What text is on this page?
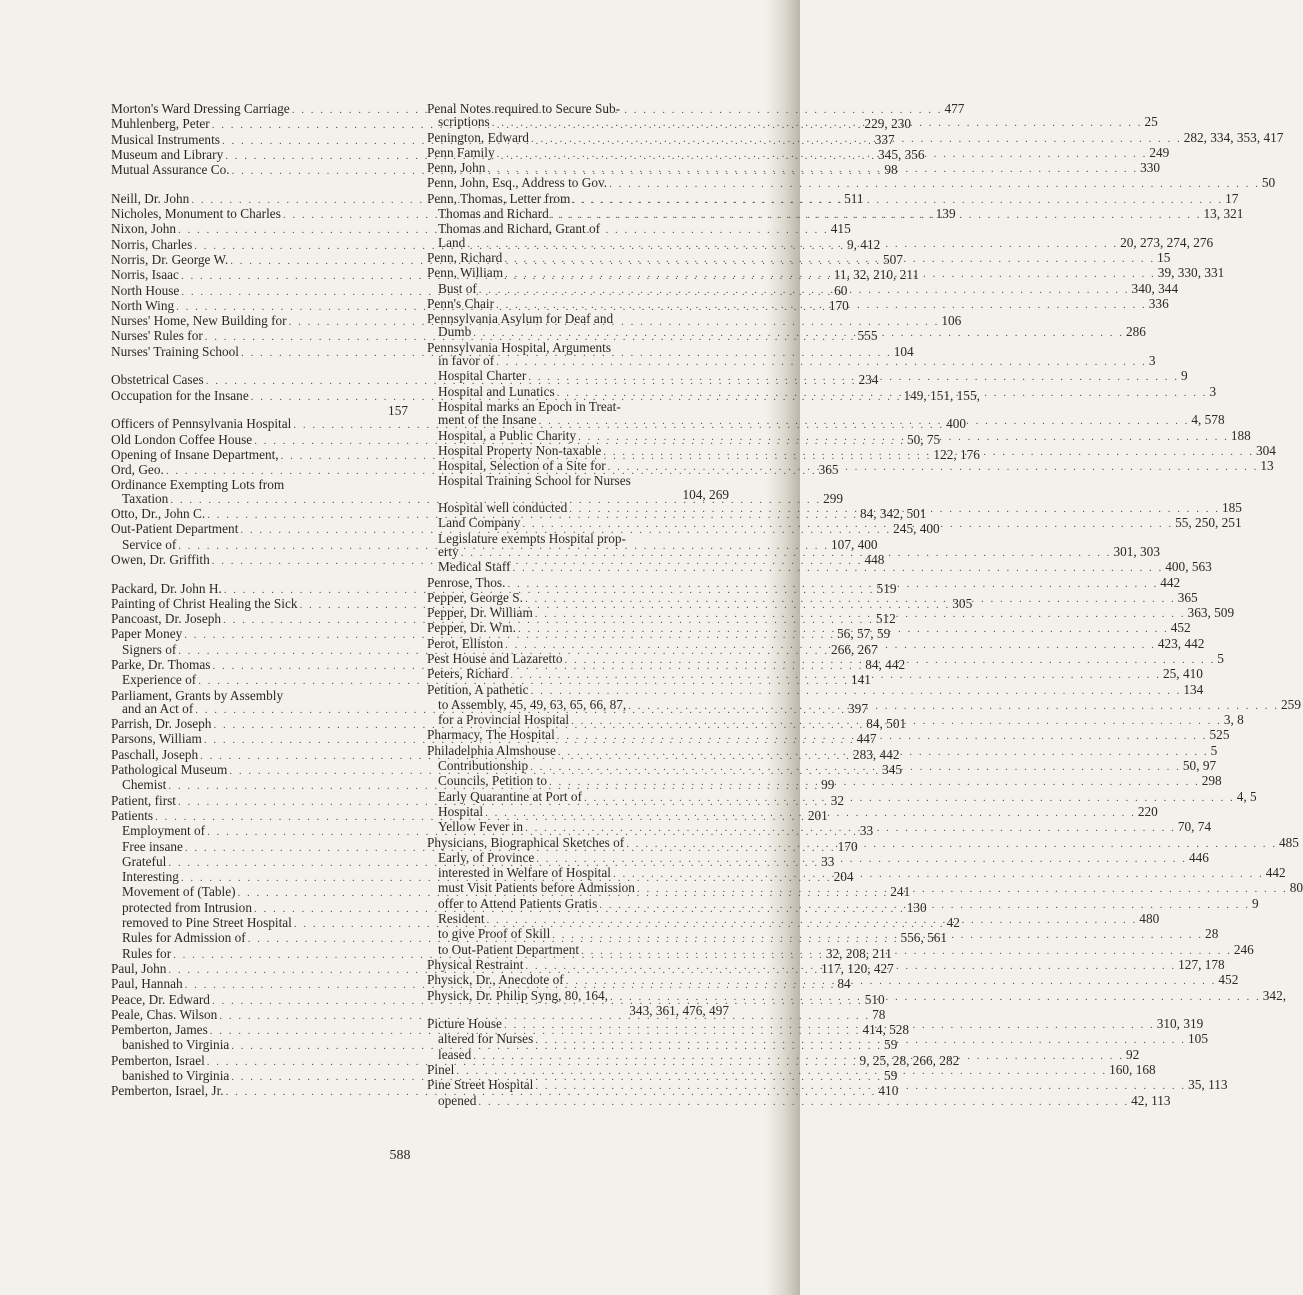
Morton's Ward Dressing Carriage . . .	477
Muhlenberg, Peter . . .	229, 230
Musical Instruments . . .	337
Museum and Library . . .	345, 356
Mutual Assurance Co. . . .	98
Neill, Dr. John . . .	511
Nicholes, Monument to Charles . . .	139
Nixon, John . . .	415
Norris, Charles . . .	9, 412
Norris, Dr. George W. . . .	507
Norris, Isaac . . .	11, 32, 210, 211
North House . . .	60
North Wing . . .	170
Nurses' Home, New Building for . . .	106
Nurses' Rules for . . .	555
Nurses' Training School . . .	104
Obstetrical Cases . . .	234
Occupation for the Insane . . .	149, 151, 155,
157
Officers of Pennsylvania Hospital . . .	400
Old London Coffee House . . .	50, 75
Opening of Insane Department, . . .	122, 176
Ord, Geo. . . .	365
Ordinance Exempting Lots from
Taxation . . .	299
Otto, Dr., John C. . . .	84, 342, 501
Out-Patient Department . . .	245, 400
Service of . . .	107, 400
Owen, Dr. Griffith . . .	448
Packard, Dr. John H. . . .	519
Painting of Christ Healing the Sick . . .	305
Pancoast, Dr. Joseph . . .	512
Paper Money . . .	56, 57, 59
Signers of . . .	266, 267
Parke, Dr. Thomas . . .	84, 442
Experience of . . .	141
Parliament, Grants by Assembly
and an Act of . . .	397
Parrish, Dr. Joseph . . .	84, 501
Parsons, William . . .	447
Paschall, Joseph . . .	283, 442
Pathological Museum . . .	345
Chemist . . .	99
Patient, first . . .	32
Patients . . .	201
Employment of . . .	33
Free insane . . .	170
Grateful . . .	33
Interesting . . .	204
Movement of (Table) . . .	241
protected from Intrusion . . .	130
removed to Pine Street Hospital . . .	42
Rules for Admission of . . .	556, 561
Rules for . . .	32, 208, 211
Paul, John . . .	117, 120, 427
Paul, Hannah . . .	84
Peace, Dr. Edward . . .	510
Peale, Chas. Wilson . . .	78
Pemberton, James . . .	414, 528
banished to Virginia . . .	59
Pemberton, Israel . . .	9, 25, 28, 266, 282
banished to Virginia . . .	59
Pemberton, Israel, Jr. . . .	410
Penal Notes required to Secure Sub-
scriptions . . .	25
Penington, Edward . . .	282, 334, 353, 417
Penn Family . . .	249
Penn, John . . .	330
Penn, John, Esq., Address to Gov. . . .	50
Penn, Thomas, Letter from . . .	17
Thomas and Richard . . .	13, 321
Thomas and Richard, Grant of
Land . . .	20, 273, 274, 276
Penn, Richard . . .	15
Penn, William . . .	39, 330, 331
Bust of . . .	340, 344
Penn's Chair . . .	336
Pennsylvania Asylum for Deaf and
Dumb . . .	286
Pennsylvania Hospital, Arguments
in favor of . . .	3
Hospital Charter . . .	9
Hospital and Lunatics . . .	3
Hospital marks an Epoch in Treat-
ment of the Insane . . .	4, 578
Hospital, a Public Charity . . .	188
Hospital Property Non-taxable . . .	304
Hospital, Selection of a Site for . . .	13
Hospital Training School for Nurses
104, 269
Hospital well conducted . . .	185
Land Company . . .	55, 250, 251
Legislature exempts Hospital prop-
erty . . .	301, 303
Medical Staff . . .	400, 563
Penrose, Thos. . . .	442
Pepper, George S. . . .	365
Pepper, Dr. William . . .	363, 509
Pepper, Dr. Wm. . . .	452
Perot, Elliston . . .	423, 442
Pest House and Lazaretto . . .	5
Peters, Richard . . .	25, 410
Petition, A pathetic . . .	134
to Assembly, 45, 49, 63, 65, 66, 87, . . .	259
for a Provincial Hospital . . .	3, 8
Pharmacy, The Hospital . . .	525
Philadelphia Almshouse . . .	5
Contributionship . . .	50, 97
Councils, Petition to . . .	298
Early Quarantine at Port of . . .	4, 5
Hospital . . .	220
Yellow Fever in . . .	70, 74
Physicians, Biographical Sketches of . . .	485
Early, of Province . . .	446
interested in Welfare of Hospital . . .	442
must Visit Patients before Admission . . .	80
offer to Attend Patients Gratis . . .	9
Resident . . .	480
to give Proof of Skill . . .	28
to Out-Patient Department . . .	246
Physical Restraint . . .	127, 178
Physick, Dr., Anecdote of . . .	452
Physick, Dr. Philip Syng, 80, 164, . . .	342,
343, 361, 476, 497
Picture House . . .	310, 319
altered for Nurses . . .	105
leased . . .	92
Pinel . . .	160, 168
Pine Street Hospital . . .	35, 113
opened . . .	42, 113
588
